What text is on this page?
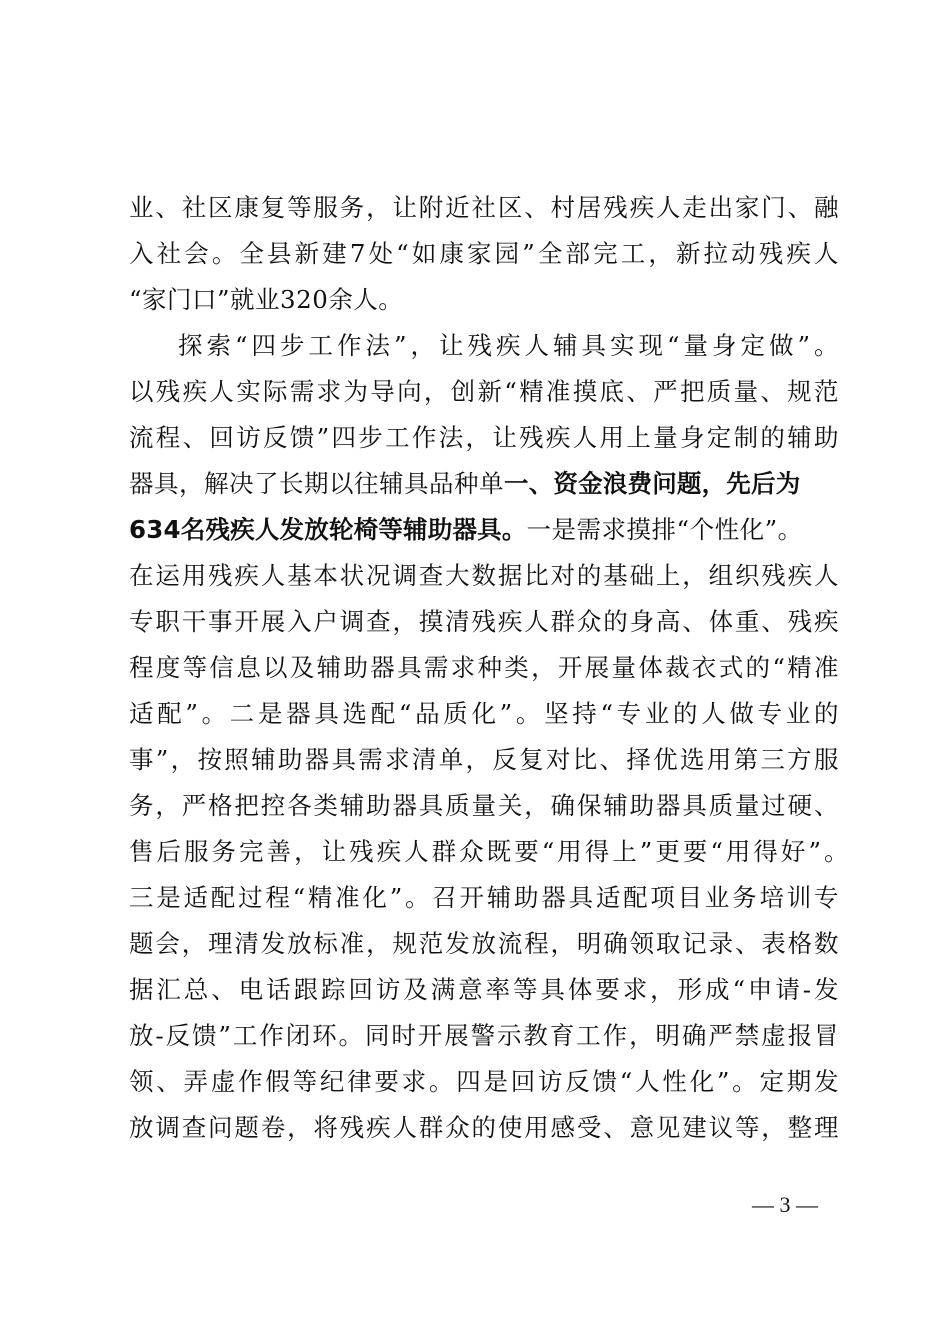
业、社区康复等服务，让附近社区、村居残疾人走出家门、融
入社会。全县新建7处“如康家园”全部完工，新拉动残疾人
“家门口”就业320余人。
探索“四步工作法”，让残疾人辅具实现“量身定做”。
以残疾人实际需求为导向，创新“精准摸底、严把质量、规范
流程、回访反馈”四步工作法，让残疾人用上量身定制的辅助
器具，解决了长期以往辅具品种单一、资金浪费问题，先后为
634名残疾人发放轮椅等辅助器具。一是需求摸排“个性化”。
在运用残疾人基本状况调查大数据比对的基础上，组织残疾人
专职干事开展入户调查，摸清残疾人群众的身高、体重、残疾
程度等信息以及辅助器具需求种类，开展量体裁衣式的“精准
适配”。二是器具选配“品质化”。坚持“专业的人做专业的
事”，按照辅助器具需求清单，反复对比、择优选用第三方服
务，严格把控各类辅助器具质量关，确保辅助器具质量过硬、
售后服务完善，让残疾人群众既要“用得上”更要“用得好”。
三是适配过程“精准化”。召开辅助器具适配项目业务培训专
题会，理清发放标准，规范发放流程，明确领取记录、表格数
据汇总、电话跟踪回访及满意率等具体要求，形成“申请-发
放-反馈”工作闭环。同时开展警示教育工作，明确严禁虚报冒
领、弄虚作假等纪律要求。四是回访反馈“人性化”。定期发
放调查问题卷，将残疾人群众的使用感受、意见建议等，整理
— 3 —
